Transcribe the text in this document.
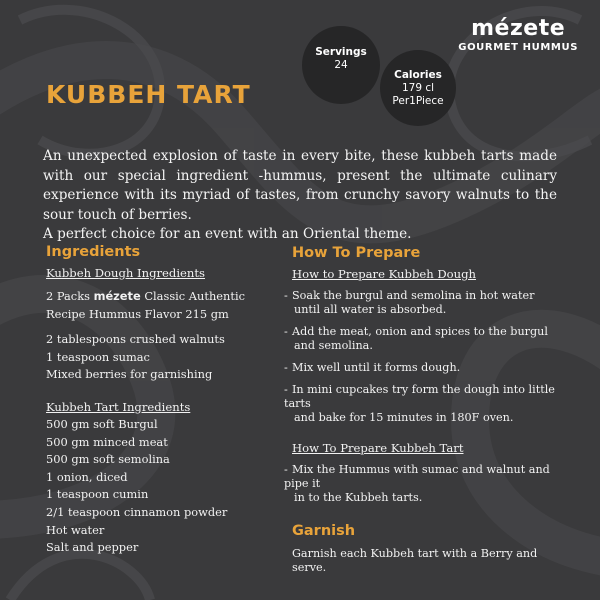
mézete
GOURMET HUMMUS
Servings
24
Calories
179 cl
Per1Piece
KUBBEH TART

An unexpected explosion of taste in every bite, these kubbeh tarts made with our special ingredient -hummus, present the ultimate culinary experience with its myriad of tastes, from crunchy savory walnuts to the sour touch of berries.

A perfect choice for an event with an Oriental theme.

Ingredients
Kubbeh Dough Ingredients

2 Packs mézete Classic Authentic

Recipe Hummus Flavor 215 gm

2 tablespoons crushed walnuts

1 teaspoon sumac

Mixed berries for garnishing

Kubbeh Tart Ingredients

500 gm soft Burgul

500 gm minced meat

500 gm soft semolina

1 onion, diced

1 teaspoon cumin

2/1 teaspoon cinnamon powder

Hot water

Salt and pepper

How To Prepare
How to Prepare Kubbeh Dough

- Soak the burgul and semolina in hot water
until all water is absorbed.

- Add the meat, onion and spices to the burgul
and semolina.

- Mix well until it forms dough.

- In mini cupcakes try form the dough into little tarts
and bake for 15 minutes in 180F oven.

How To Prepare Kubbeh Tart

- Mix the Hummus with sumac and walnut and pipe it
in to the Kubbeh tarts.

Garnish

Garnish each Kubbeh tart with a Berry and serve.
